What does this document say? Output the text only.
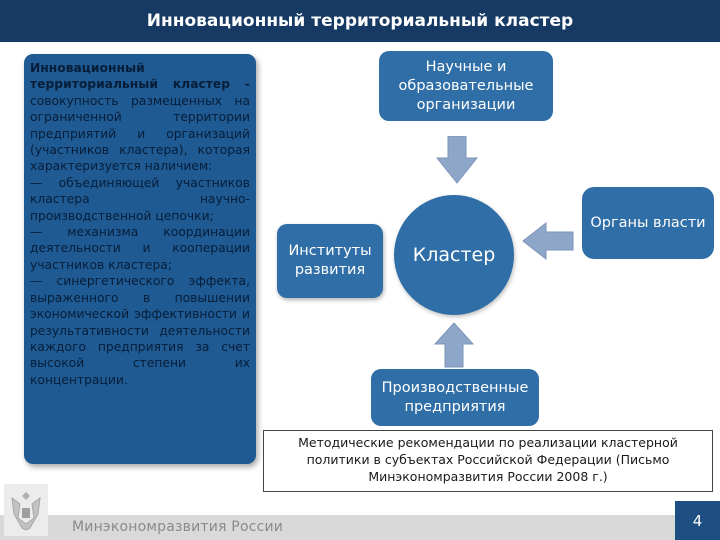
Инновационный территориальный кластер

Инновационный территориальный кластер - совокупность размещенных на ограниченной территории предприятий и организаций (участников кластера), которая характеризуется наличием:
— объединяющей участников кластера научно-производственной цепочки;
— механизма координации деятельности и кооперации участников кластера;
— синергетического эффекта, выраженного в повышении экономической эффективности и результативности деятельности каждого предприятия за счет высокой степени их концентрации.

Научные и образовательные организации
Органы власти
Институты развития
Производственные предприятия
Кластер
Методические рекомендации по реализации кластерной политики в субъектах Российской Федерации (Письмо Минэкономразвития России 2008 г.)
Минэкономразвития России	4
